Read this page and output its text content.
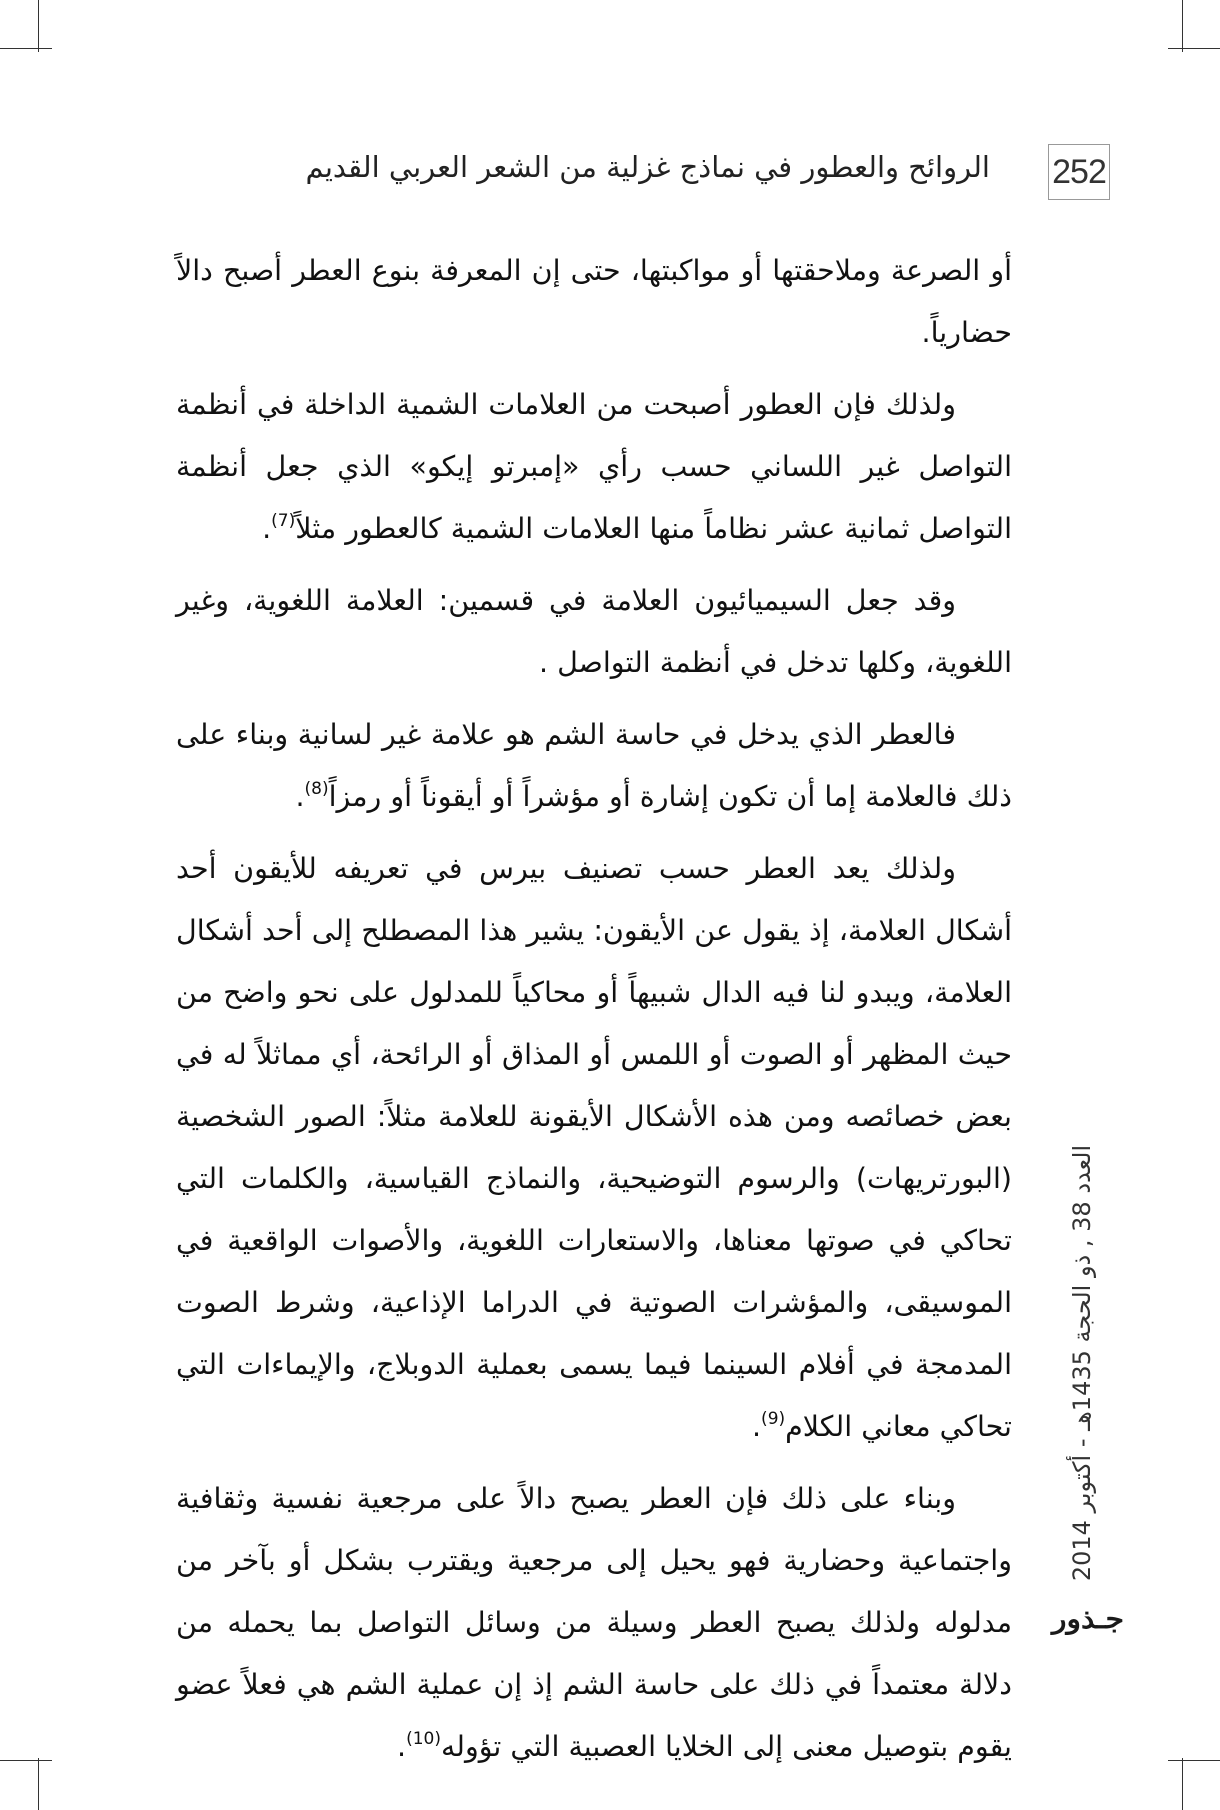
252
الروائح والعطور في نماذج غزلية من الشعر العربي القديم

أو الصرعة وملاحقتها أو مواكبتها، حتى إن المعرفة بنوع العطر أصبح دالاً حضارياً.

ولذلك فإن العطور أصبحت من العلامات الشمية الداخلة في أنظمة التواصل غير اللساني حسب رأي «إمبرتو إيكو» الذي جعل أنظمة التواصل ثمانية عشر نظاماً منها العلامات الشمية كالعطور مثلاً$^{(7)}$.

وقد جعل السيميائيون العلامة في قسمين: العلامة اللغوية، وغير اللغوية، وكلها تدخل في أنظمة التواصل .

فالعطر الذي يدخل في حاسة الشم هو علامة غير لسانية وبناء على ذلك فالعلامة إما أن تكون إشارة أو مؤشراً أو أيقوناً أو رمزاً$^{(8)}$.

ولذلك يعد العطر حسب تصنيف بيرس في تعريفه للأيقون أحد أشكال العلامة، إذ يقول عن الأيقون: يشير هذا المصطلح إلى أحد أشكال العلامة، ويبدو لنا فيه الدال شبيهاً أو محاكياً للمدلول على نحو واضح من حيث المظهر أو الصوت أو اللمس أو المذاق أو الرائحة، أي مماثلاً له في بعض خصائصه ومن هذه الأشكال الأيقونة للعلامة مثلاً: الصور الشخصية (البورتريهات) والرسوم التوضيحية، والنماذج القياسية، والكلمات التي تحاكي في صوتها معناها، والاستعارات اللغوية، والأصوات الواقعية في الموسيقى، والمؤشرات الصوتية في الدراما الإذاعية، وشرط الصوت المدمجة في أفلام السينما فيما يسمى بعملية الدوبلاج، والإيماءات التي تحاكي معاني الكلام$^{(9)}$.

وبناء على ذلك فإن العطر يصبح دالاً على مرجعية نفسية وثقافية واجتماعية وحضارية فهو يحيل إلى مرجعية ويقترب بشكل أو بآخر من مدلوله ولذلك يصبح العطر وسيلة من وسائل التواصل بما يحمله من دلالة معتمداً في ذلك على حاسة الشم إذ إن عملية الشم هي فعلاً عضو يقوم بتوصيل معنى إلى الخلايا العصبية التي تؤوله$^{(10)}$.

العدد 38 , ذو الحجة 1435هـ - أكتوبر 2014
جـذور
